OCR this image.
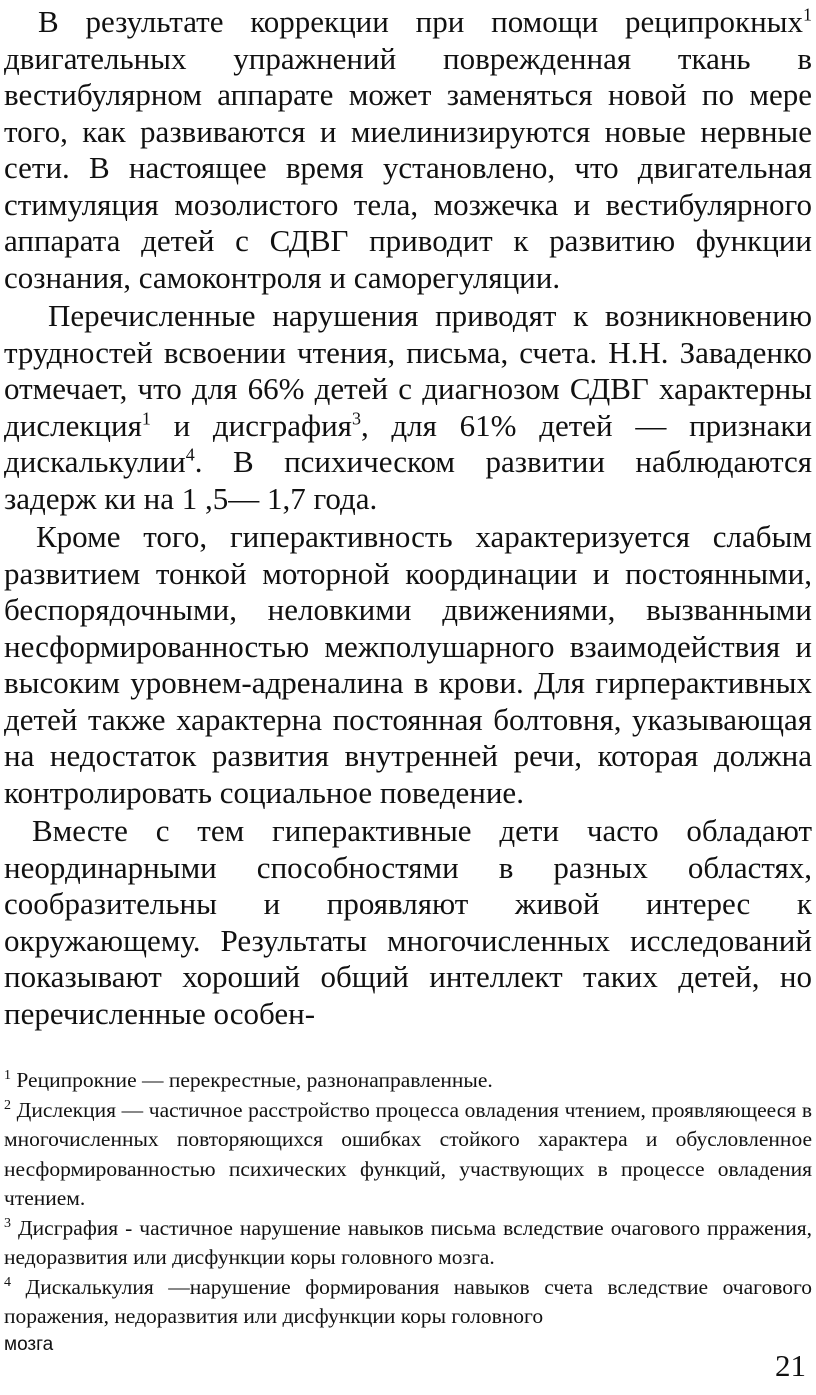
В результате коррекции при помощи реципрокных$^1$ двигательных упражнений поврежденная ткань в вестибулярном аппарате может заменяться новой по мере того, как развиваются и миелинизируются новые нервные сети. В настоящее время установлено, что двигательная стимуляция мозолистого тела, мозжечка и вестибулярного аппарата детей с СДВГ приводит к развитию функции сознания, самоконтроля и саморегуляции.

Перечисленные нарушения приводят к возникновению трудностей всвоении чтения, письма, счета. Н.Н. Заваденко отмечает, что для 66% детей с диагнозом СДВГ характерны дислекция$^1$ и дисграфия$^3$, для 61% детей — признаки дискалькулии$^4$. В психическом развитии наблюдаются задерж ки на 1 ,5— 1,7 года.

Кроме того, гиперактивность характеризуется слабым развитием тонкой моторной координации и постоянными, беспорядочными, неловкими движениями, вызванными несформированностью межполушарного взаимодействия и высоким уровнем-адреналина в крови. Для гирперактивных детей также характерна постоянная болтовня, указывающая на недостаток развития внутренней речи, которая должна контролировать социальное поведение.

Вместе с тем гиперактивные дети часто обладают неординарными способностями в разных областях, сообразительны и проявляют живой интерес к окружающему. Результаты многочисленных исследований показывают хороший общий интеллект таких детей, но перечисленные особен-

$^1$ Реципрокние — перекрестные, разнонаправленные.

$^2$ Дислекция — частичное расстройство процесса овладения чтением, проявляющееся в многочисленных повторяющихся ошибках стойкого характера и обусловленное несформированностью психических функций, участвующих в процессе овладения чтением.

$^3$ Дисграфия - частичное нарушение навыков письма вследствие очагового пpражения, недоразвития или дисфункции коры головного мозга.

$^4$ Дискалькулия —нарушение формирования навыков счета вследствие очагового поражения, недоразвития или дисфункции коры головного

мозга

21
